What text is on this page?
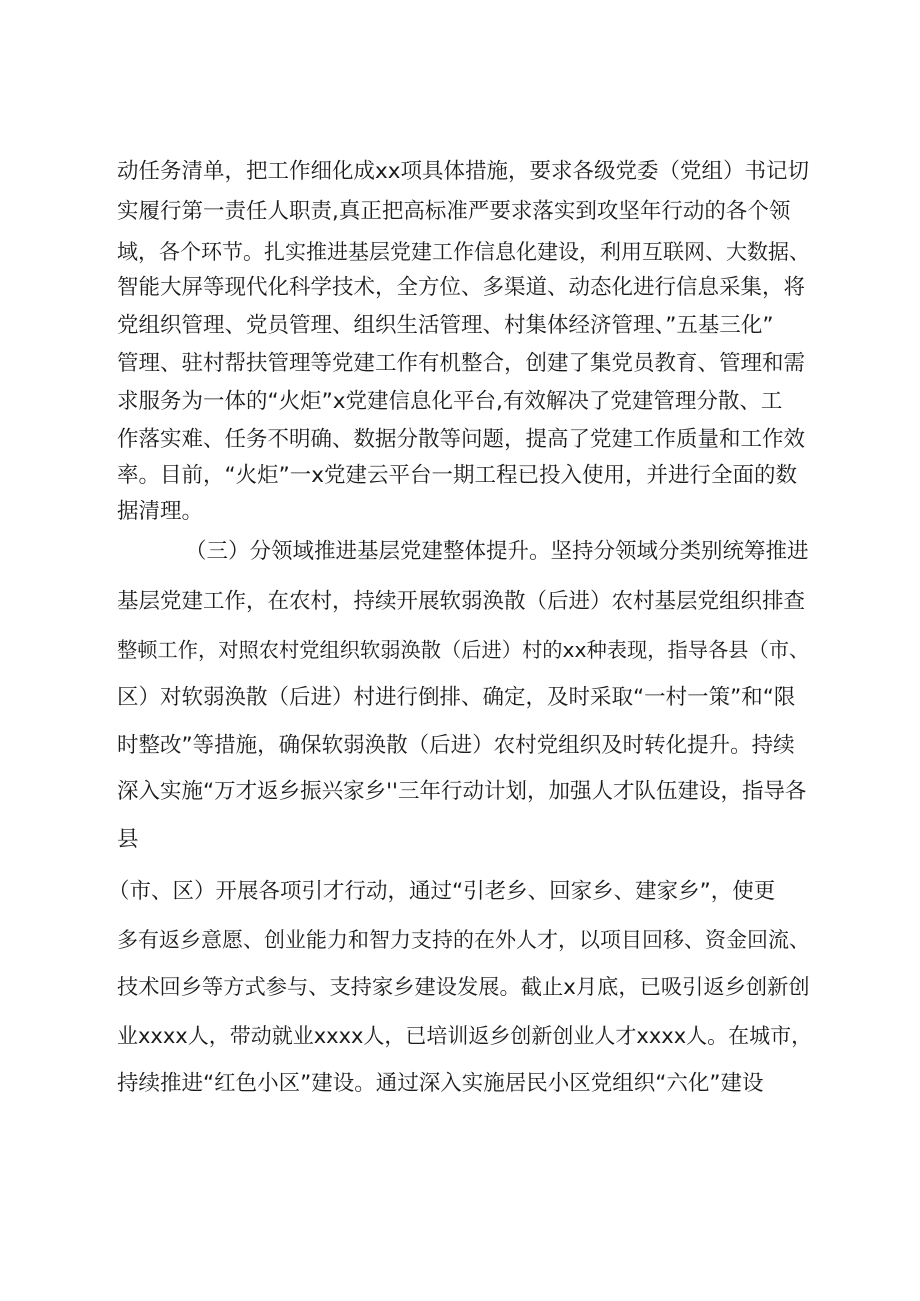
动任务清单，把工作细化成xx项具体措施，要求各级党委（党组）书记切
实履行第一责任人职责,真正把高标准严要求落实到攻坚年行动的各个领
域，各个环节。扎实推进基层党建工作信息化建设，利用互联网、大数据、
智能大屏等现代化科学技术，全方位、多渠道、动态化进行信息采集，将
党组织管理、党员管理、组织生活管理、村集体经济管理、”五基三化”
管理、驻村帮扶管理等党建工作有机整合，创建了集党员教育、管理和需
求服务为一体的“火炬”x党建信息化平台,有效解决了党建管理分散、工
作落实难、任务不明确、数据分散等问题，提高了党建工作质量和工作效
率。目前，“火炬”一x党建云平台一期工程已投入使用，并进行全面的数
据清理。
（三）分领域推进基层党建整体提升。坚持分领域分类别统筹推进
基层党建工作，在农村，持续开展软弱涣散（后进）农村基层党组织排查
整顿工作，对照农村党组织软弱涣散（后进）村的xx种表现，指导各县（市、
区）对软弱涣散（后进）村进行倒排、确定，及时采取“一村一策”和“限
时整改”等措施，确保软弱涣散（后进）农村党组织及时转化提升。持续
深入实施“万才返乡振兴家乡''三年行动计划，加强人才队伍建设，指导各
县
（市、区）开展各项引才行动，通过“引老乡、回家乡、建家乡”，使更
多有返乡意愿、创业能力和智力支持的在外人才，以项目回移、资金回流、
技术回乡等方式参与、支持家乡建设发展。截止x月底，已吸引返乡创新创
业xxxx人，带动就业xxxx人，已培训返乡创新创业人才xxxx人。在城市，
持续推进“红色小区”建设。通过深入实施居民小区党组织“六化”建设
